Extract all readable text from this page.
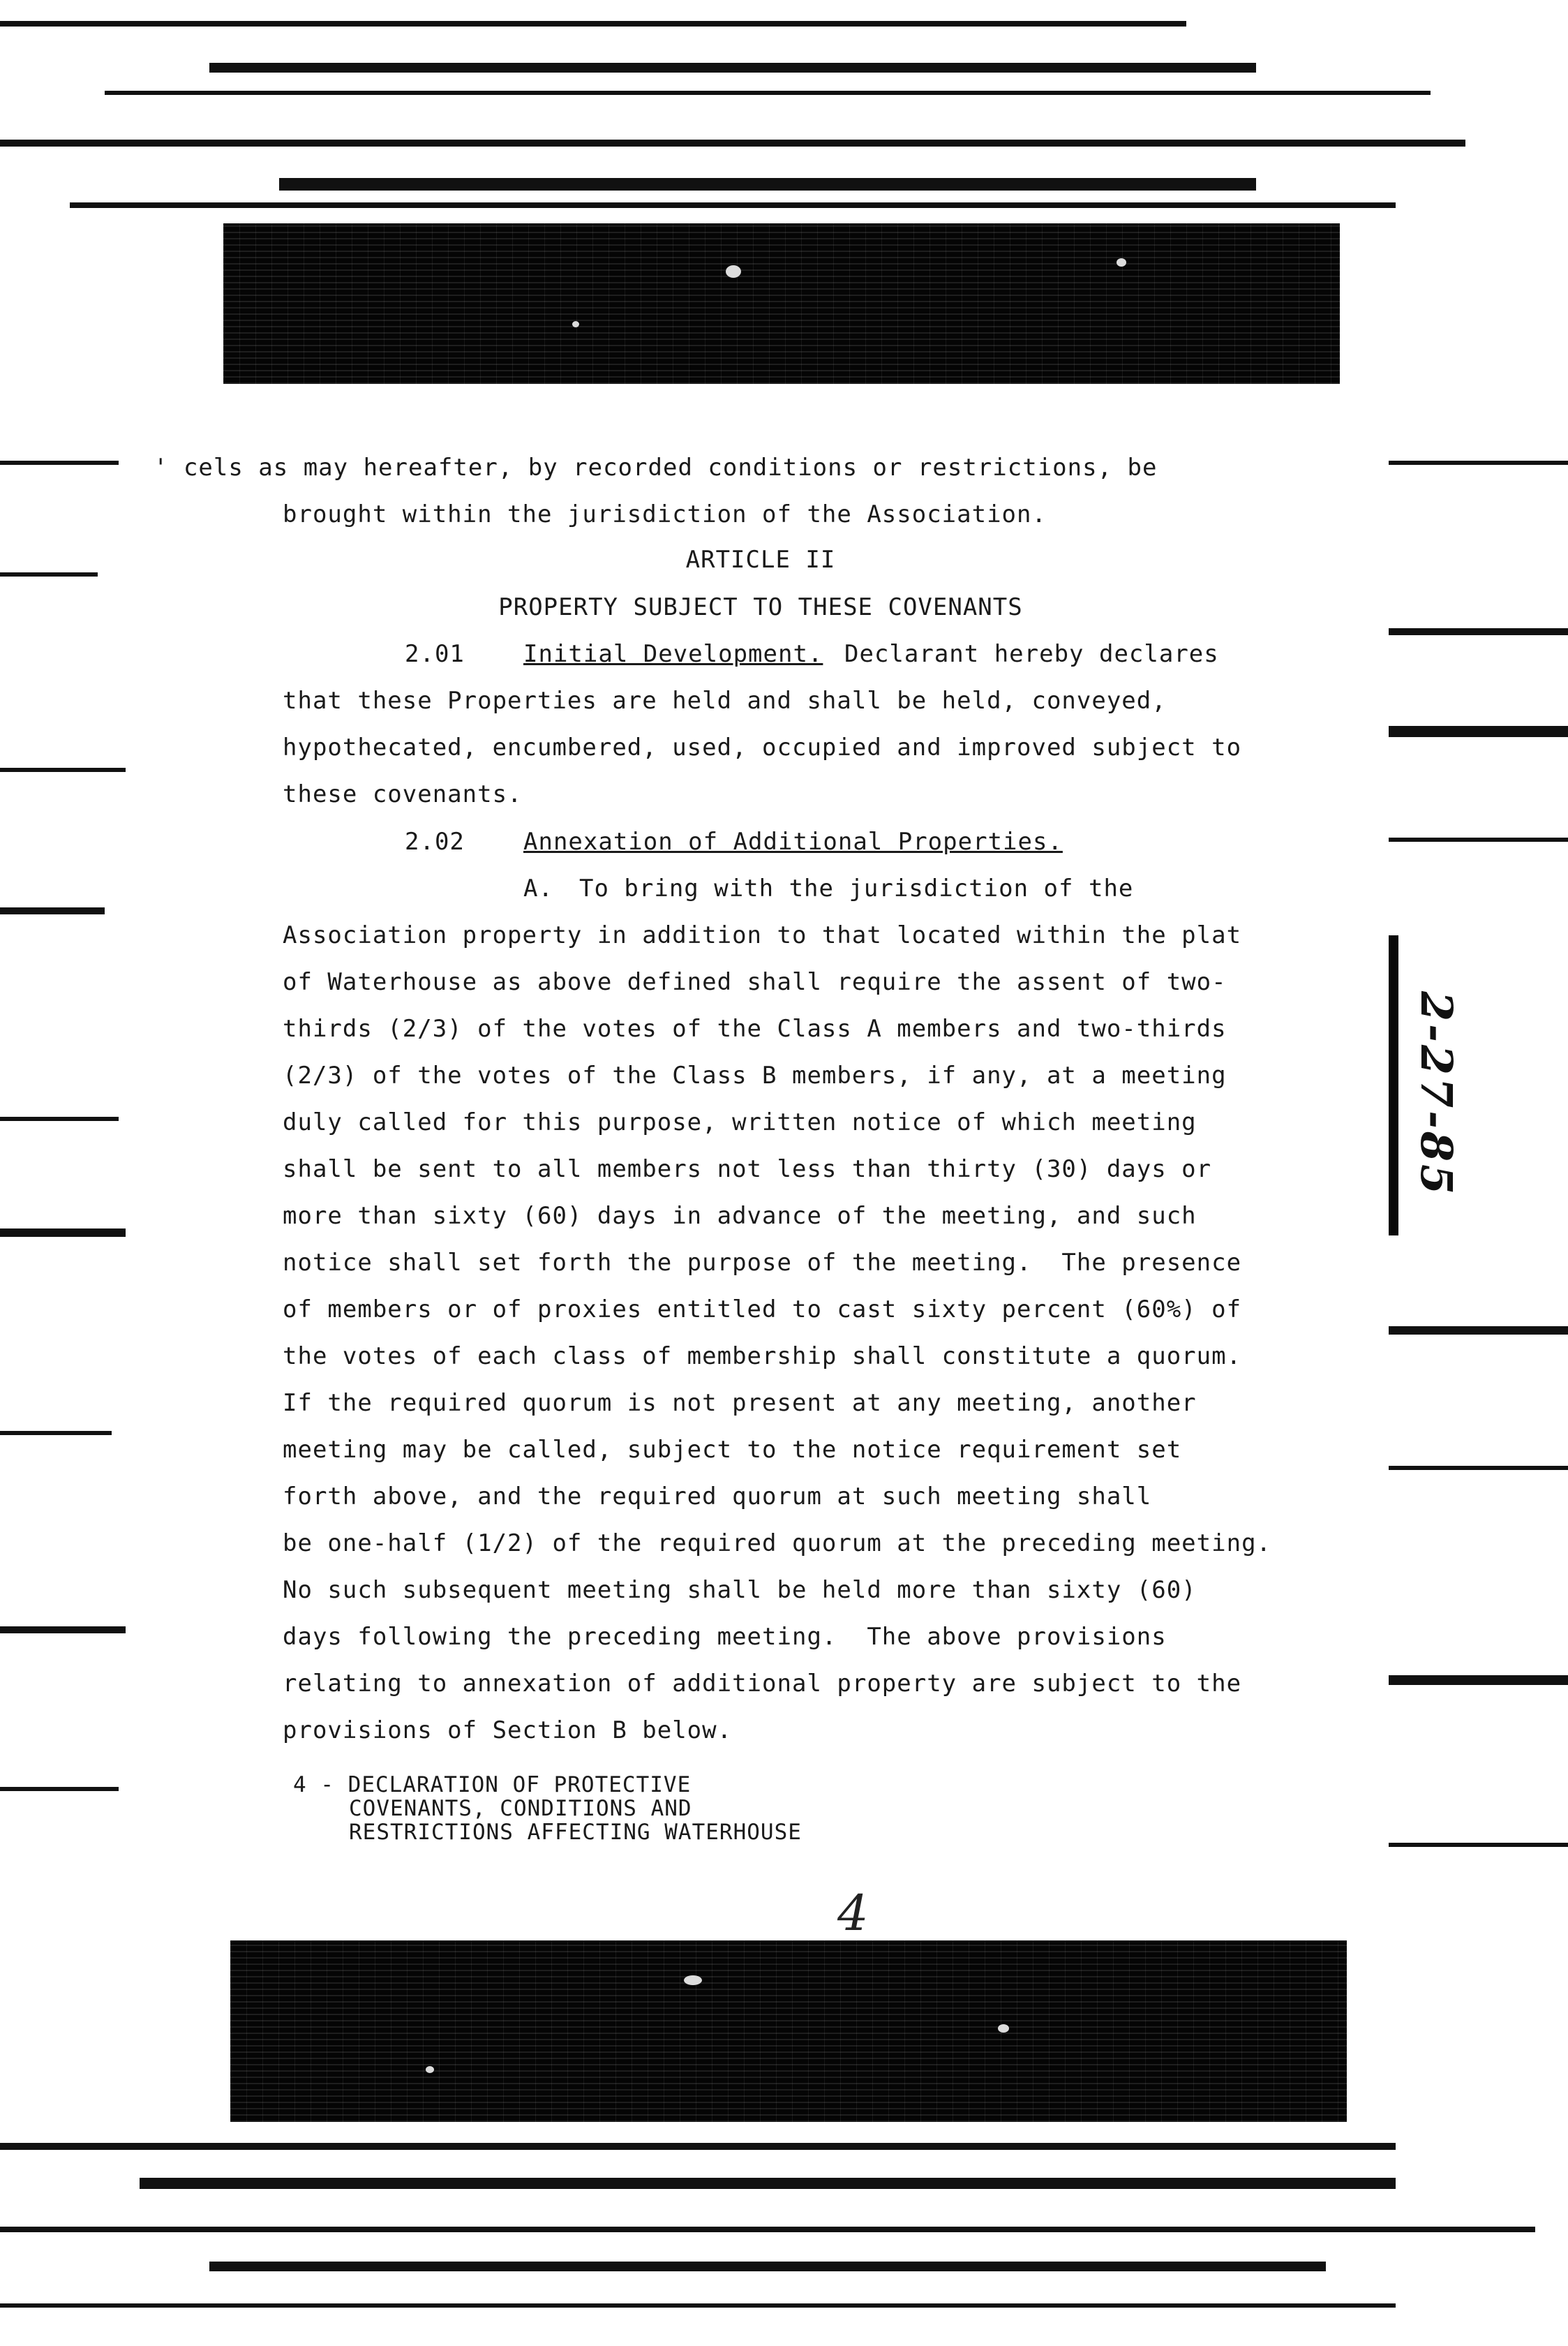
2-27-85
' cels as may hereafter, by recorded conditions or restrictions, be
brought within the jurisdiction of the Association.
ARTICLE II
PROPERTY SUBJECT TO THESE COVENANTS
2.01 Initial Development. Declarant hereby declares
that these Properties are held and shall be held, conveyed,
hypothecated, encumbered, used, occupied and improved subject to
these covenants.
2.02 Annexation of Additional Properties.
A. To bring with the jurisdiction of the
Association property in addition to that located within the plat
of Waterhouse as above defined shall require the assent of two-
thirds (2/3) of the votes of the Class A members and two-thirds
(2/3) of the votes of the Class B members, if any, at a meeting
duly called for this purpose, written notice of which meeting
shall be sent to all members not less than thirty (30) days or
more than sixty (60) days in advance of the meeting, and such
notice shall set forth the purpose of the meeting.  The presence
of members or of proxies entitled to cast sixty percent (60%) of
the votes of each class of membership shall constitute a quorum.
If the required quorum is not present at any meeting, another
meeting may be called, subject to the notice requirement set
forth above, and the required quorum at such meeting shall
be one-half (1/2) of the required quorum at the preceding meeting.
No such subsequent meeting shall be held more than sixty (60)
days following the preceding meeting.  The above provisions
relating to annexation of additional property are subject to the
provisions of Section B below.
4 - DECLARATION OF PROTECTIVE
COVENANTS, CONDITIONS AND
RESTRICTIONS AFFECTING WATERHOUSE
4
